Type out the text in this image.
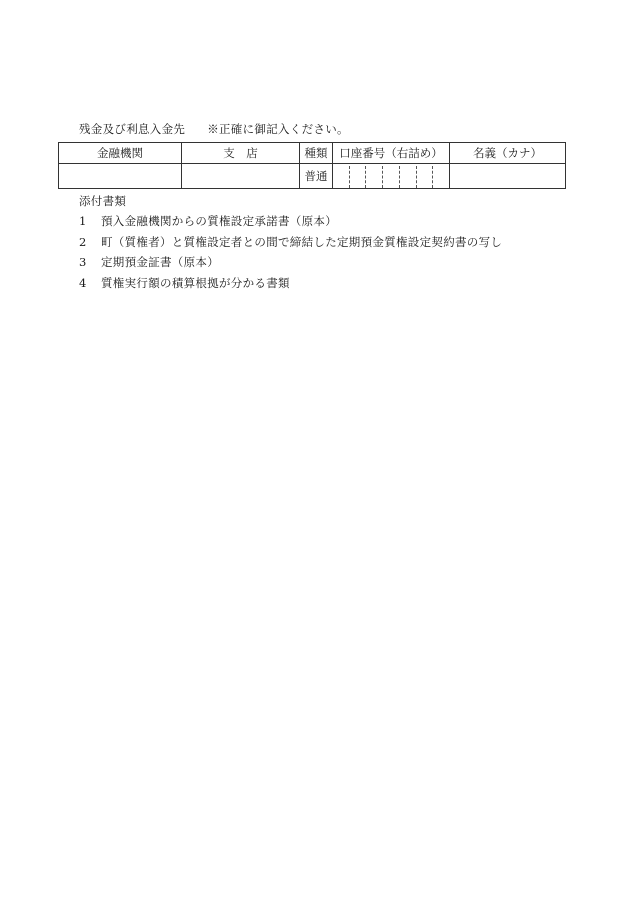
残金及び利息入金先 ※正確に御記入ください。
金融機関	支　店	種類	口座番号（右詰め）	名義（カナ）
		普通	

添付書類
1 預入金融機関からの質権設定承諾書（原本）
2 町（質権者）と質権設定者との間で締結した定期預金質権設定契約書の写し
3 定期預金証書（原本）
4 質権実行額の積算根拠が分かる書類
